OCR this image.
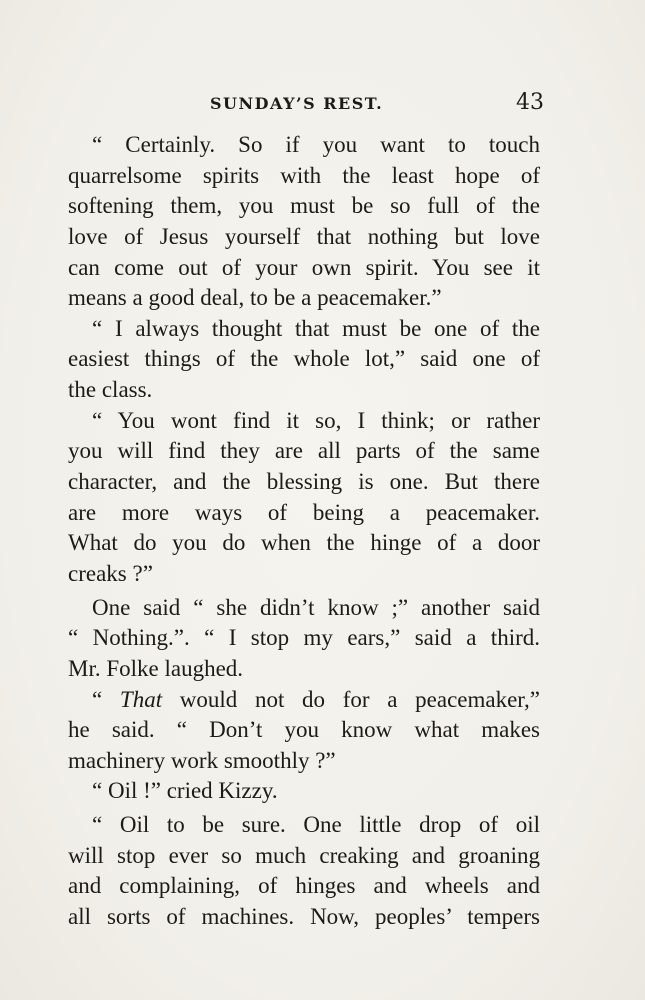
SUNDAY’S REST.	43
“ Certainly. So if you want to touch
quarrelsome spirits with the least hope of
softening them, you must be so full of the
love of Jesus yourself that nothing but love
can come out of your own spirit. You see it
means a good deal, to be a peacemaker.”
“ I always thought that must be one of the
easiest things of the whole lot,” said one of
the class.
“ You wont find it so, I think; or rather
you will find they are all parts of the same
character, and the blessing is one. But there
are more ways of being a peacemaker.
What do you do when the hinge of a door
creaks ?”
One said “ she didn’t know ;” another said
“ Nothing.”. “ I stop my ears,” said a third.
Mr. Folke laughed.
“ That would not do for a peacemaker,”
he said. “ Don’t you know what makes
machinery work smoothly ?”
“ Oil !” cried Kizzy.
“ Oil to be sure. One little drop of oil
will stop ever so much creaking and groaning
and complaining, of hinges and wheels and
all sorts of machines. Now, peoples’ tempers
